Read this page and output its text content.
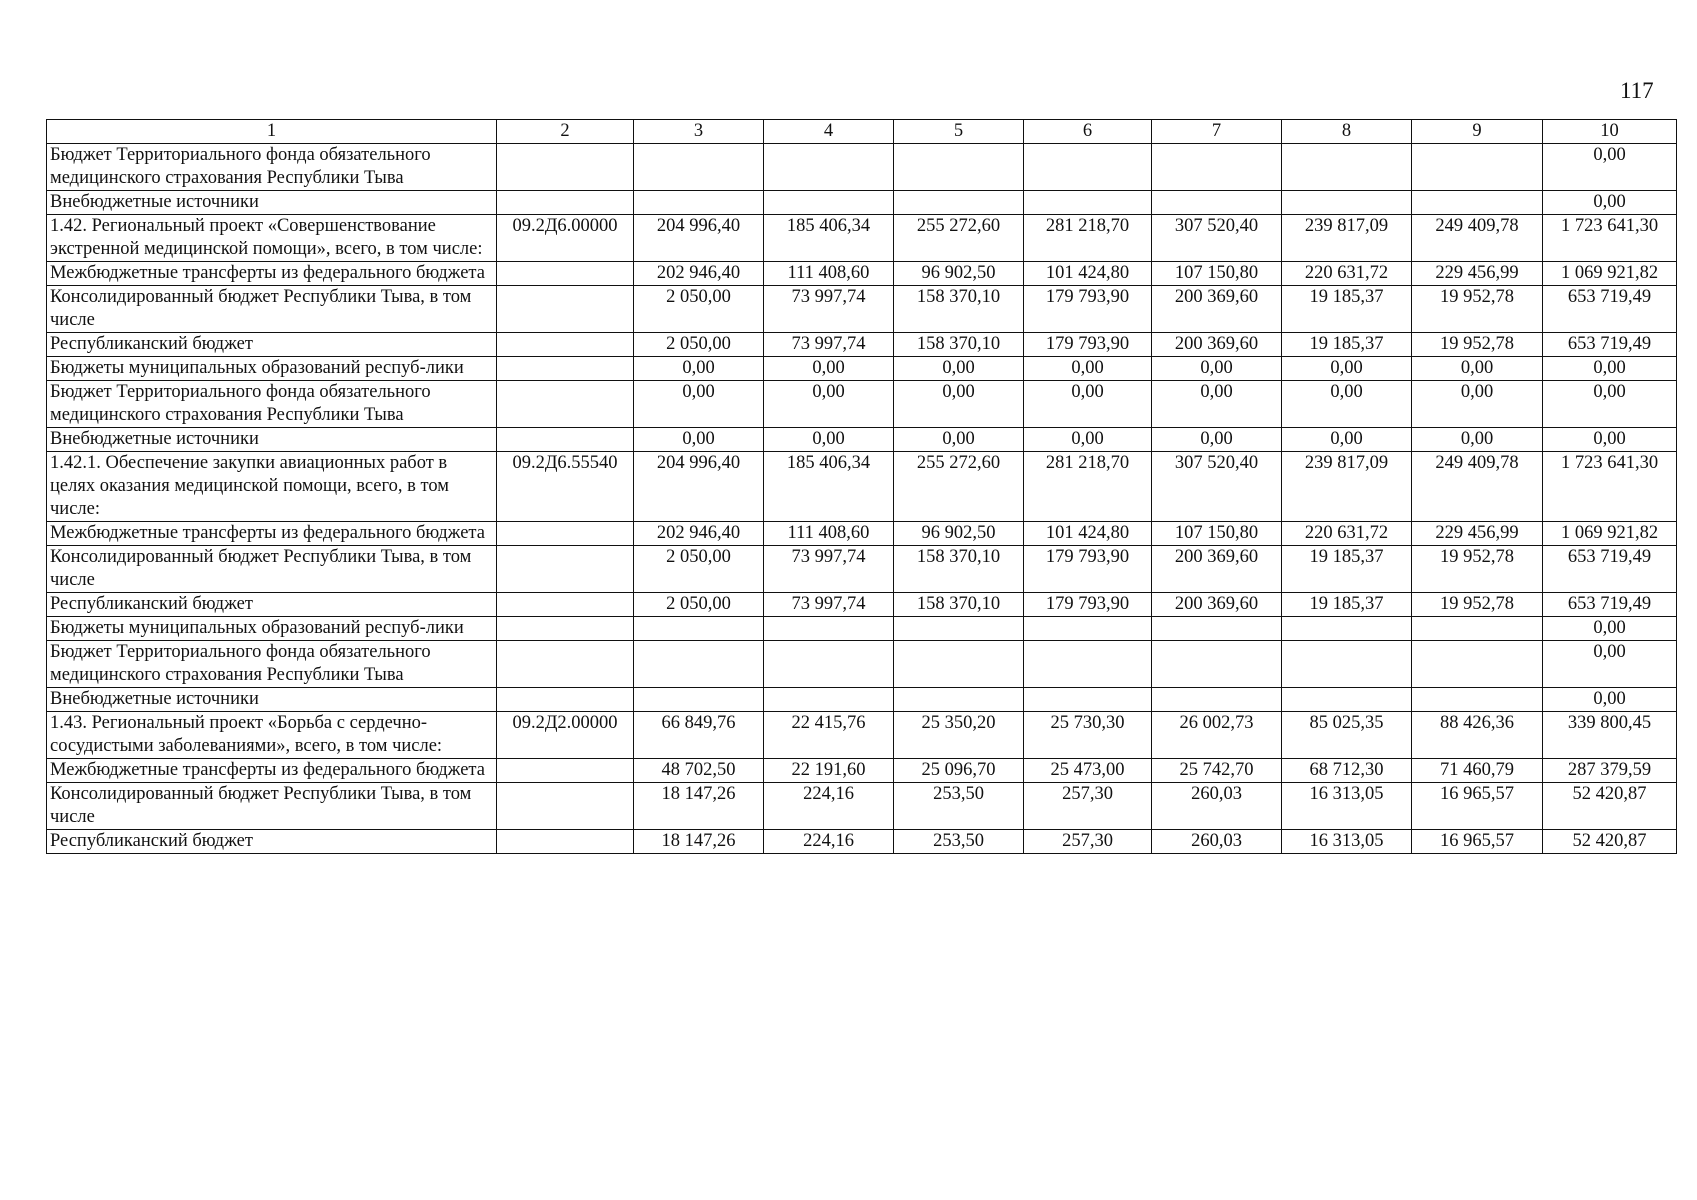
117
1	2	3	4	5	6	7	8	9	10
Бюджет Территориального фонда обязательного медицинского страхования Республики Тыва									0,00
Внебюджетные источники									0,00
1.42. Региональный проект «Совершенствование экстренной медицинской помощи», всего, в том числе:	09.2Д6.00000	204 996,40	185 406,34	255 272,60	281 218,70	307 520,40	239 817,09	249 409,78	1 723 641,30
Межбюджетные трансферты из федерального бюджета		202 946,40	111 408,60	96 902,50	101 424,80	107 150,80	220 631,72	229 456,99	1 069 921,82
Консолидированный бюджет Республики Тыва, в том числе		2 050,00	73 997,74	158 370,10	179 793,90	200 369,60	19 185,37	19 952,78	653 719,49
Республиканский бюджет		2 050,00	73 997,74	158 370,10	179 793,90	200 369,60	19 185,37	19 952,78	653 719,49
Бюджеты муниципальных образований респуб-лики		0,00	0,00	0,00	0,00	0,00	0,00	0,00	0,00
Бюджет Территориального фонда обязательного медицинского страхования Республики Тыва		0,00	0,00	0,00	0,00	0,00	0,00	0,00	0,00
Внебюджетные источники		0,00	0,00	0,00	0,00	0,00	0,00	0,00	0,00
1.42.1. Обеспечение закупки авиационных работ в целях оказания медицинской помощи, всего, в том числе:	09.2Д6.55540	204 996,40	185 406,34	255 272,60	281 218,70	307 520,40	239 817,09	249 409,78	1 723 641,30
Межбюджетные трансферты из федерального бюджета		202 946,40	111 408,60	96 902,50	101 424,80	107 150,80	220 631,72	229 456,99	1 069 921,82
Консолидированный бюджет Республики Тыва, в том числе		2 050,00	73 997,74	158 370,10	179 793,90	200 369,60	19 185,37	19 952,78	653 719,49
Республиканский бюджет		2 050,00	73 997,74	158 370,10	179 793,90	200 369,60	19 185,37	19 952,78	653 719,49
Бюджеты муниципальных образований респуб-лики									0,00
Бюджет Территориального фонда обязательного медицинского страхования Республики Тыва									0,00
Внебюджетные источники									0,00
1.43. Региональный проект «Борьба с сердечно-сосудистыми заболеваниями», всего, в том числе:	09.2Д2.00000	66 849,76	22 415,76	25 350,20	25 730,30	26 002,73	85 025,35	88 426,36	339 800,45
Межбюджетные трансферты из федерального бюджета		48 702,50	22 191,60	25 096,70	25 473,00	25 742,70	68 712,30	71 460,79	287 379,59
Консолидированный бюджет Республики Тыва, в том числе		18 147,26	224,16	253,50	257,30	260,03	16 313,05	16 965,57	52 420,87
Республиканский бюджет		18 147,26	224,16	253,50	257,30	260,03	16 313,05	16 965,57	52 420,87
